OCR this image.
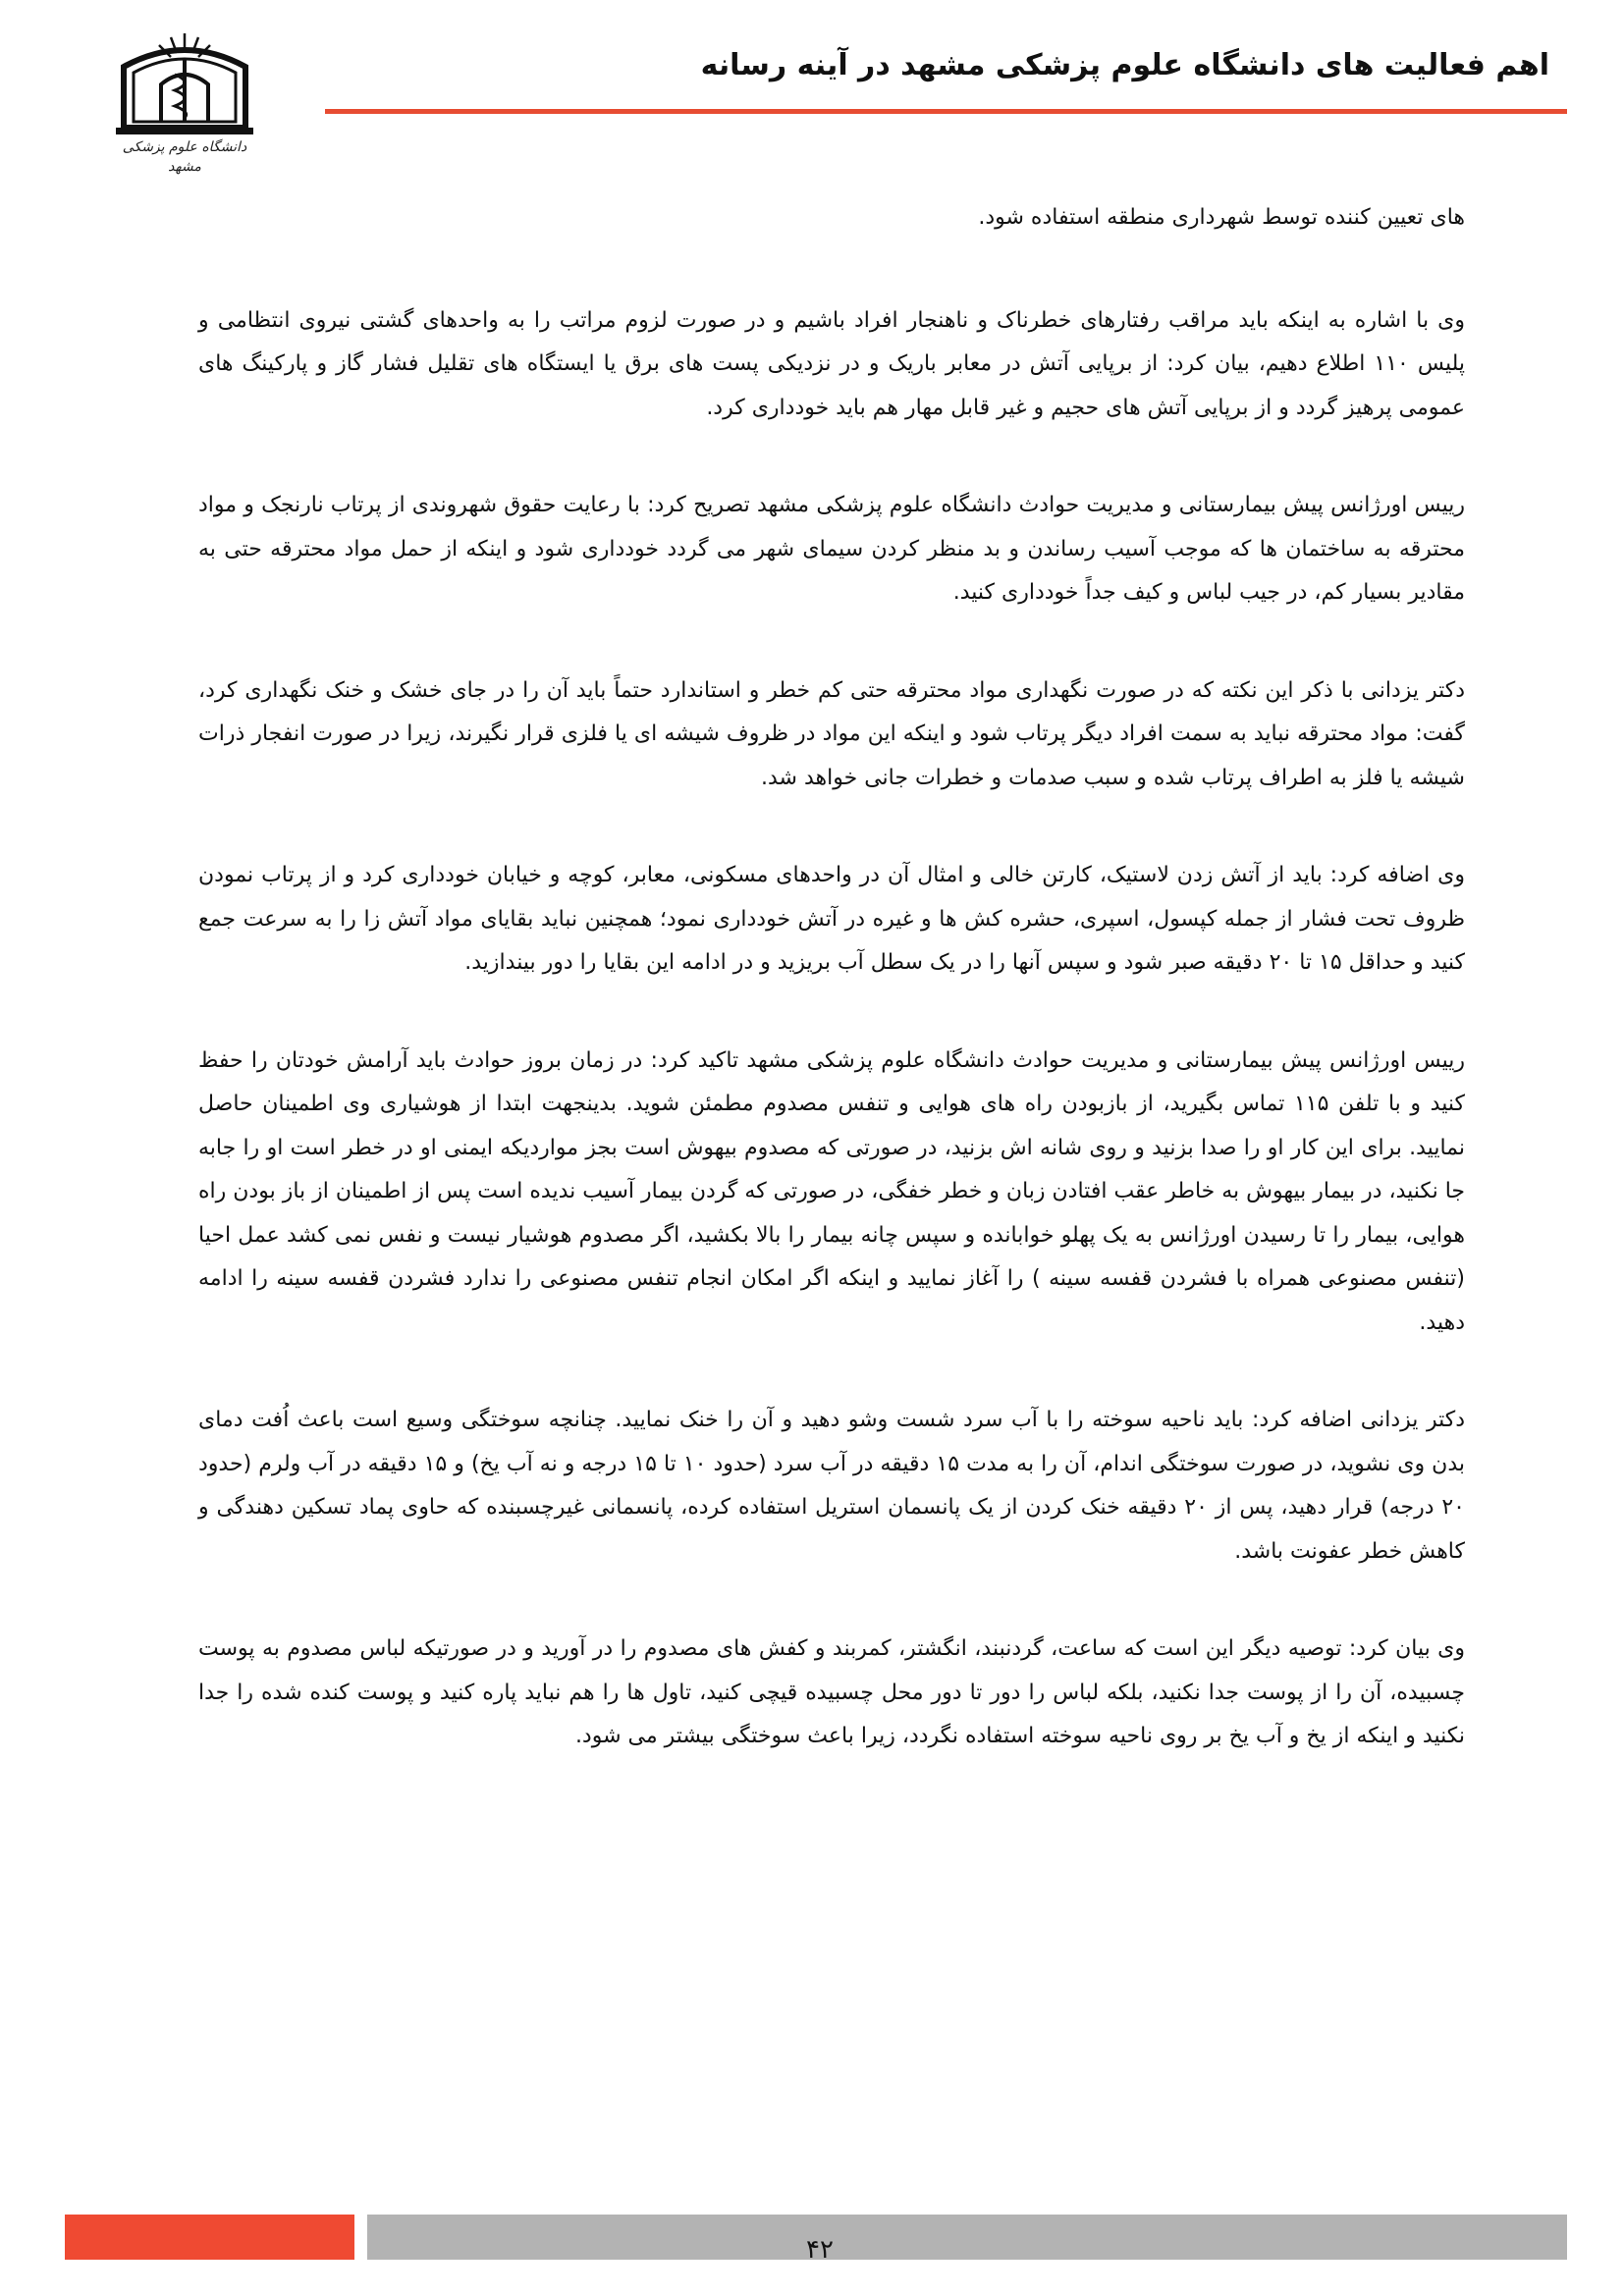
دانشگاه علوم پزشکی مشهد
اهم فعالیت های دانشگاه علوم پزشکی مشهد در آینه رسانه

های تعیین کننده توسط شهرداری منطقه استفاده شود.

وی با اشاره به اینکه باید مراقب رفتارهای خطرناک و ناهنجار افراد باشیم و در صورت لزوم مراتب را به واحدهای گشتی نیروی انتظامی و پلیس ۱۱۰ اطلاع دهیم، بیان کرد: از برپایی آتش در معابر باریک و در نزدیکی پست های برق یا ایستگاه های تقلیل فشار گاز و پارکینگ های عمومی پرهیز گردد و از برپایی آتش های حجیم و غیر قابل مهار هم باید خودداری کرد.

رییس اورژانس پیش بیمارستانی و مدیریت حوادث دانشگاه علوم پزشکی مشهد تصریح کرد: با رعایت حقوق شهروندی از پرتاب نارنجک و مواد محترقه به ساختمان ها که موجب آسیب رساندن و بد منظر کردن سیمای شهر می گردد خودداری شود و اینکه از حمل مواد محترقه حتی به مقادیر بسیار کم، در جیب لباس و کیف جداً خودداری کنید.

دکتر یزدانی با ذکر این نکته که در صورت نگهداری مواد محترقه حتی کم خطر و استاندارد حتماً باید آن را در جای خشک و خنک نگهداری کرد، گفت: مواد محترقه نباید به سمت افراد دیگر پرتاب شود و اینکه این مواد در ظروف شیشه ای یا فلزی قرار نگیرند، زیرا در صورت انفجار ذرات شیشه یا فلز به اطراف پرتاب شده و سبب صدمات و خطرات جانی خواهد شد.

وی اضافه کرد: باید از آتش زدن لاستیک، کارتن خالی و امثال آن در واحدهای مسکونی، معابر، کوچه و خیابان خودداری کرد و از پرتاب نمودن ظروف تحت فشار از جمله کپسول، اسپری، حشره کش ها و غیره در آتش خودداری نمود؛ همچنین نباید بقایای مواد آتش زا را به سرعت جمع کنید و حداقل ۱۵ تا ۲۰ دقیقه صبر شود و سپس آنها را در یک سطل آب بریزید و در ادامه این بقایا را دور بیندازید.

رییس اورژانس پیش بیمارستانی و مدیریت حوادث دانشگاه علوم پزشکی مشهد تاکید کرد: در زمان بروز حوادث باید آرامش خودتان را حفظ کنید و با تلفن ۱۱۵ تماس بگیرید، از بازبودن راه های هوایی و تنفس مصدوم مطمئن شوید. بدینجهت ابتدا از هوشیاری وی اطمینان حاصل نمایید. برای این کار او را صدا بزنید و روی شانه اش بزنید، در صورتی که مصدوم بیهوش است بجز مواردیکه ایمنی او در خطر است او را جابه جا نکنید، در بیمار بیهوش به خاطر عقب افتادن زبان و خطر خفگی، در صورتی که گردن بیمار آسیب ندیده است پس از اطمینان از باز بودن راه هوایی، بیمار را تا رسیدن اورژانس به یک پهلو خوابانده و سپس چانه بیمار را بالا بکشید، اگر مصدوم هوشیار نیست و نفس نمی کشد عمل احیا (تنفس مصنوعی همراه با فشردن قفسه سینه ) را آغاز نمایید و اینکه اگر امکان انجام تنفس مصنوعی را ندارد فشردن قفسه سینه را ادامه دهید.

دکتر یزدانی اضافه کرد: باید ناحیه سوخته را با آب سرد شست وشو دهید و آن را خنک نمایید. چنانچه سوختگی وسیع است باعث اُفت دمای بدن وی نشوید، در صورت سوختگی اندام، آن را به مدت ۱۵ دقیقه در آب سرد (حدود ۱۰ تا ۱۵ درجه و نه آب یخ) و ۱۵ دقیقه در آب ولرم (حدود ۲۰ درجه) قرار دهید، پس از ۲۰ دقیقه خنک کردن از یک پانسمان استریل استفاده کرده، پانسمانی غیرچسبنده که حاوی پماد تسکین دهندگی و کاهش خطر عفونت باشد.

وی بیان کرد: توصیه دیگر این است که ساعت، گردنبند، انگشتر، کمربند و کفش های مصدوم را در آورید و در صورتیکه لباس مصدوم به پوست چسبیده، آن را از پوست جدا نکنید، بلکه لباس را دور تا دور محل چسبیده قیچی کنید، تاول ها را هم نباید پاره کنید و پوست کنده شده را جدا نکنید و اینکه از یخ و آب یخ بر روی ناحیه سوخته استفاده نگردد، زیرا باعث سوختگی بیشتر می شود.

۴۲
